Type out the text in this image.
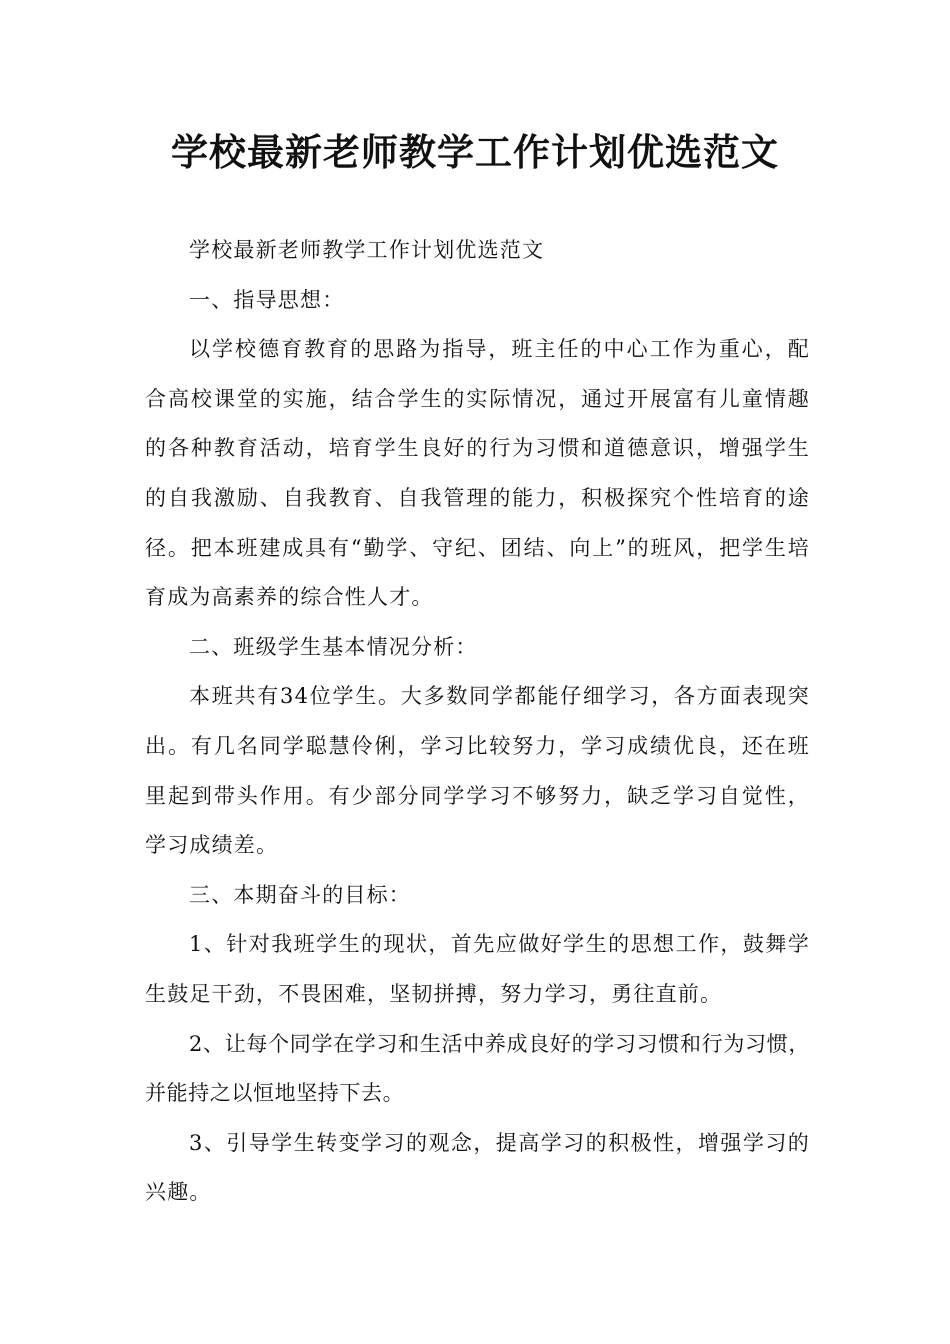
学校最新老师教学工作计划优选范文

学校最新老师教学工作计划优选范文

一、指导思想：

以学校德育教育的思路为指导，班主任的中心工作为重心，配合高校课堂的实施，结合学生的实际情况，通过开展富有儿童情趣的各种教育活动，培育学生良好的行为习惯和道德意识，增强学生的自我激励、自我教育、自我管理的能力，积极探究个性培育的途径。把本班建成具有“勤学、守纪、团结、向上”的班风，把学生培育成为高素养的综合性人才。

二、班级学生基本情况分析：

本班共有34位学生。大多数同学都能仔细学习，各方面表现突出。有几名同学聪慧伶俐，学习比较努力，学习成绩优良，还在班里起到带头作用。有少部分同学学习不够努力，缺乏学习自觉性，学习成绩差。

三、本期奋斗的目标：

1、针对我班学生的现状，首先应做好学生的思想工作，鼓舞学生鼓足干劲，不畏困难，坚韧拼搏，努力学习，勇往直前。

2、让每个同学在学习和生活中养成良好的学习习惯和行为习惯，并能持之以恒地坚持下去。

3、引导学生转变学习的观念，提高学习的积极性，增强学习的兴趣。
